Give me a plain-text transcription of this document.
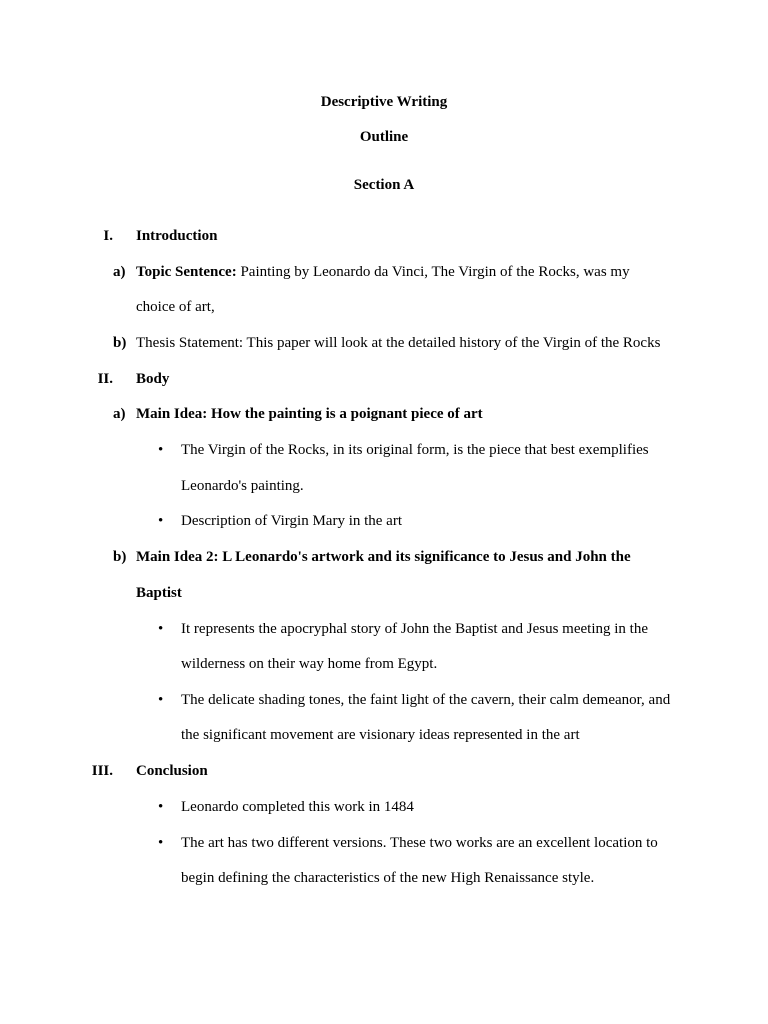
Descriptive Writing
Outline
Section A
I. Introduction
a) Topic Sentence: Painting by Leonardo da Vinci, The Virgin of the Rocks, was my
choice of art,
b) Thesis Statement: This paper will look at the detailed history of the Virgin of the Rocks
II. Body
a) Main Idea: How the painting is a poignant piece of art
• The Virgin of the Rocks, in its original form, is the piece that best exemplifies
Leonardo's painting.
• Description of Virgin Mary in the art
b) Main Idea 2: L Leonardo's artwork and its significance to Jesus and John the
Baptist
• It represents the apocryphal story of John the Baptist and Jesus meeting in the
wilderness on their way home from Egypt.
• The delicate shading tones, the faint light of the cavern, their calm demeanor, and
the significant movement are visionary ideas represented in the art
III. Conclusion
• Leonardo completed this work in 1484
• The art has two different versions. These two works are an excellent location to
begin defining the characteristics of the new High Renaissance style.
